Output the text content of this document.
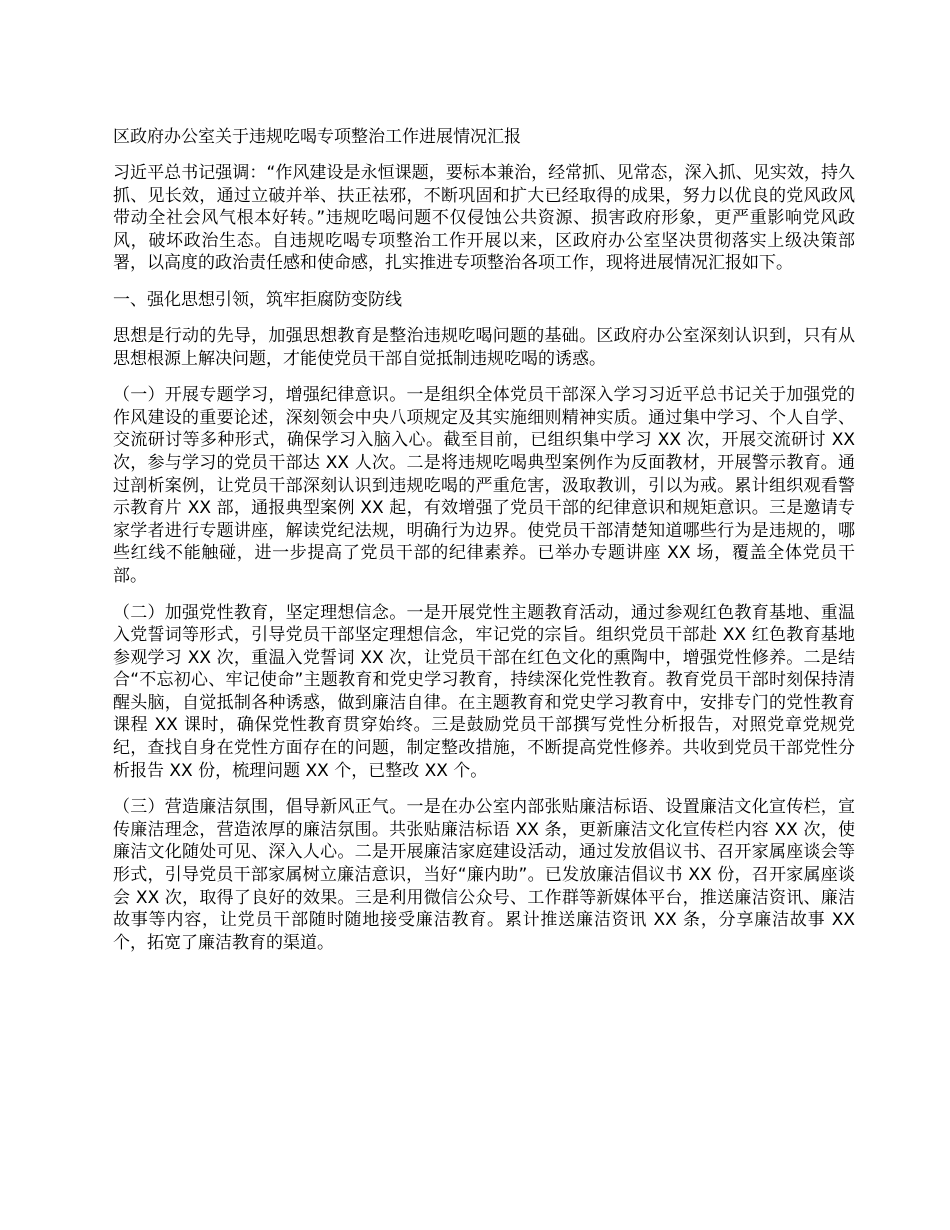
区政府办公室关于违规吃喝专项整治工作进展情况汇报

习近平总书记强调：“作风建设是永恒课题，要标本兼治，经常抓、见常态，深入抓、见实效，持久抓、见长效，通过立破并举、扶正祛邪，不断巩固和扩大已经取得的成果，努力以优良的党风政风带动全社会风气根本好转。”违规吃喝问题不仅侵蚀公共资源、损害政府形象，更严重影响党风政风，破坏政治生态。自违规吃喝专项整治工作开展以来，区政府办公室坚决贯彻落实上级决策部署，以高度的政治责任感和使命感，扎实推进专项整治各项工作，现将进展情况汇报如下。

一、强化思想引领，筑牢拒腐防变防线

思想是行动的先导，加强思想教育是整治违规吃喝问题的基础。区政府办公室深刻认识到，只有从思想根源上解决问题，才能使党员干部自觉抵制违规吃喝的诱惑。

（一）开展专题学习，增强纪律意识。一是组织全体党员干部深入学习习近平总书记关于加强党的作风建设的重要论述，深刻领会中央八项规定及其实施细则精神实质。通过集中学习、个人自学、交流研讨等多种形式，确保学习入脑入心。截至目前，已组织集中学习 XX 次，开展交流研讨 XX 次，参与学习的党员干部达 XX 人次。二是将违规吃喝典型案例作为反面教材，开展警示教育。通过剖析案例，让党员干部深刻认识到违规吃喝的严重危害，汲取教训，引以为戒。累计组织观看警示教育片 XX 部，通报典型案例 XX 起，有效增强了党员干部的纪律意识和规矩意识。三是邀请专家学者进行专题讲座，解读党纪法规，明确行为边界。使党员干部清楚知道哪些行为是违规的，哪些红线不能触碰，进一步提高了党员干部的纪律素养。已举办专题讲座 XX 场，覆盖全体党员干部。

（二）加强党性教育，坚定理想信念。一是开展党性主题教育活动，通过参观红色教育基地、重温入党誓词等形式，引导党员干部坚定理想信念，牢记党的宗旨。组织党员干部赴 XX 红色教育基地参观学习 XX 次，重温入党誓词 XX 次，让党员干部在红色文化的熏陶中，增强党性修养。二是结合“不忘初心、牢记使命”主题教育和党史学习教育，持续深化党性教育。教育党员干部时刻保持清醒头脑，自觉抵制各种诱惑，做到廉洁自律。在主题教育和党史学习教育中，安排专门的党性教育课程 XX 课时，确保党性教育贯穿始终。三是鼓励党员干部撰写党性分析报告，对照党章党规党纪，查找自身在党性方面存在的问题，制定整改措施，不断提高党性修养。共收到党员干部党性分析报告 XX 份，梳理问题 XX 个，已整改 XX 个。

（三）营造廉洁氛围，倡导新风正气。一是在办公室内部张贴廉洁标语、设置廉洁文化宣传栏，宣传廉洁理念，营造浓厚的廉洁氛围。共张贴廉洁标语 XX 条，更新廉洁文化宣传栏内容 XX 次，使廉洁文化随处可见、深入人心。二是开展廉洁家庭建设活动，通过发放倡议书、召开家属座谈会等形式，引导党员干部家属树立廉洁意识，当好“廉内助”。已发放廉洁倡议书 XX 份，召开家属座谈会 XX 次，取得了良好的效果。三是利用微信公众号、工作群等新媒体平台，推送廉洁资讯、廉洁故事等内容，让党员干部随时随地接受廉洁教育。累计推送廉洁资讯 XX 条，分享廉洁故事 XX 个，拓宽了廉洁教育的渠道。
